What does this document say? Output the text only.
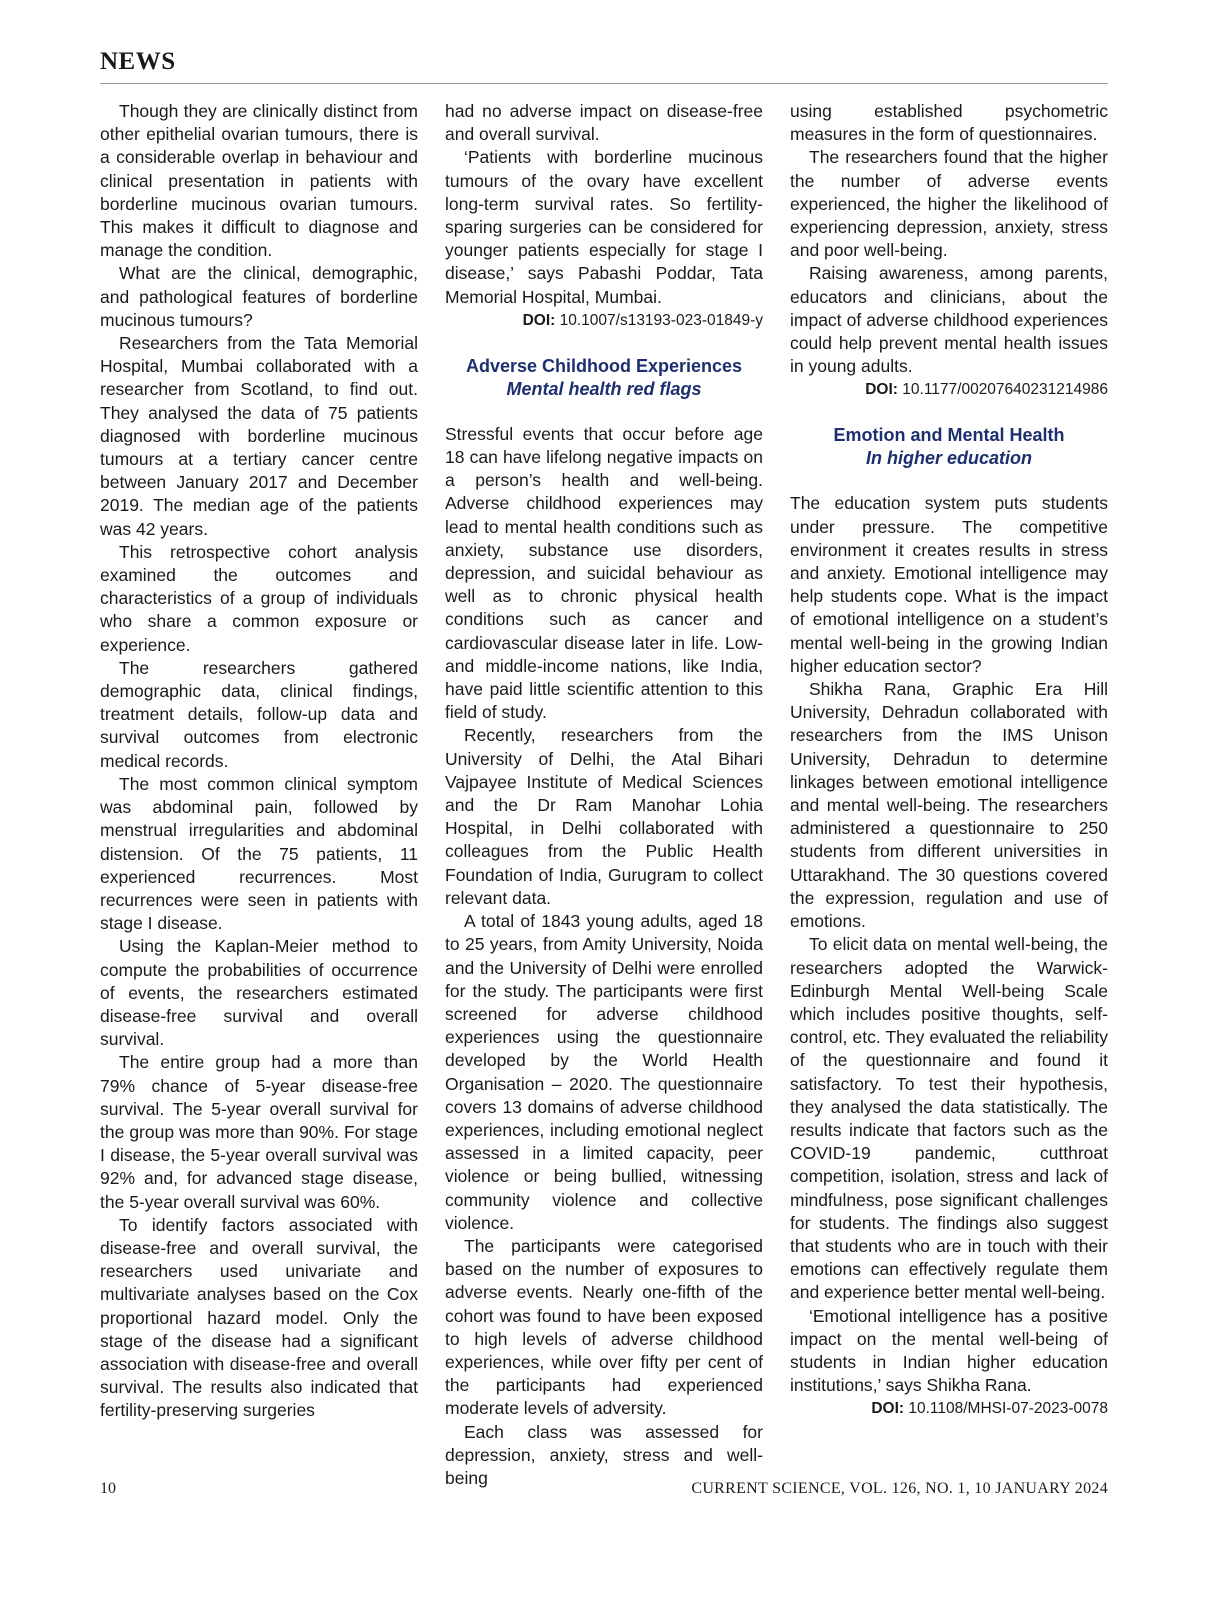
NEWS

Though they are clinically distinct from other epithelial ovarian tumours, there is a considerable overlap in behaviour and clinical presentation in patients with borderline mucinous ovarian tumours. This makes it difficult to diagnose and manage the condition.

What are the clinical, demographic, and pathological features of borderline mucinous tumours?

Researchers from the Tata Memorial Hospital, Mumbai collaborated with a researcher from Scotland, to find out. They analysed the data of 75 patients diagnosed with borderline mucinous tumours at a tertiary cancer centre between January 2017 and December 2019. The median age of the patients was 42 years.

This retrospective cohort analysis examined the outcomes and characteristics of a group of individuals who share a common exposure or experience.

The researchers gathered demographic data, clinical findings, treatment details, follow-up data and survival outcomes from electronic medical records.

The most common clinical symptom was abdominal pain, followed by menstrual irregularities and abdominal distension. Of the 75 patients, 11 experienced recurrences. Most recurrences were seen in patients with stage I disease.

Using the Kaplan-Meier method to compute the probabilities of occurrence of events, the researchers estimated disease-free survival and overall survival.

The entire group had a more than 79% chance of 5-year disease-free survival. The 5-year overall survival for the group was more than 90%. For stage I disease, the 5-year overall survival was 92% and, for advanced stage disease, the 5-year overall survival was 60%.

To identify factors associated with disease-free and overall survival, the researchers used univariate and multivariate analyses based on the Cox proportional hazard model. Only the stage of the disease had a significant association with disease-free and overall survival. The results also indicated that fertility-preserving surgeries

had no adverse impact on disease-free and overall survival.

‘Patients with borderline mucinous tumours of the ovary have excellent long-term survival rates. So fertility-sparing surgeries can be considered for younger patients especially for stage I disease,’ says Pabashi Poddar, Tata Memorial Hospital, Mumbai.

DOI: 10.1007/s13193-023-01849-y

Adverse Childhood Experiences
Mental health red flags

Stressful events that occur before age 18 can have lifelong negative impacts on a person’s health and well-being. Adverse childhood experiences may lead to mental health conditions such as anxiety, substance use disorders, depression, and suicidal behaviour as well as to chronic physical health conditions such as cancer and cardiovascular disease later in life. Low- and middle-income nations, like India, have paid little scientific attention to this field of study.

Recently, researchers from the University of Delhi, the Atal Bihari Vajpayee Institute of Medical Sciences and the Dr Ram Manohar Lohia Hospital, in Delhi collaborated with colleagues from the Public Health Foundation of India, Gurugram to collect relevant data.

A total of 1843 young adults, aged 18 to 25 years, from Amity University, Noida and the University of Delhi were enrolled for the study. The participants were first screened for adverse childhood experiences using the questionnaire developed by the World Health Organisation – 2020. The questionnaire covers 13 domains of adverse childhood experiences, including emotional neglect assessed in a limited capacity, peer violence or being bullied, witnessing community violence and collective violence.

The participants were categorised based on the number of exposures to adverse events. Nearly one-fifth of the cohort was found to have been exposed to high levels of adverse childhood experiences, while over fifty per cent of the participants had experienced moderate levels of adversity.

Each class was assessed for depression, anxiety, stress and well-being

using established psychometric measures in the form of questionnaires.

The researchers found that the higher the number of adverse events experienced, the higher the likelihood of experiencing depression, anxiety, stress and poor well-being.

Raising awareness, among parents, educators and clinicians, about the impact of adverse childhood experiences could help prevent mental health issues in young adults.

DOI: 10.1177/00207640231214986

Emotion and Mental Health
In higher education

The education system puts students under pressure. The competitive environment it creates results in stress and anxiety. Emotional intelligence may help students cope. What is the impact of emotional intelligence on a student’s mental well-being in the growing Indian higher education sector?

Shikha Rana, Graphic Era Hill University, Dehradun collaborated with researchers from the IMS Unison University, Dehradun to determine linkages between emotional intelligence and mental well-being. The researchers administered a questionnaire to 250 students from different universities in Uttarakhand. The 30 questions covered the expression, regulation and use of emotions.

To elicit data on mental well-being, the researchers adopted the Warwick-Edinburgh Mental Well-being Scale which includes positive thoughts, self-control, etc. They evaluated the reliability of the questionnaire and found it satisfactory. To test their hypothesis, they analysed the data statistically. The results indicate that factors such as the COVID-19 pandemic, cutthroat competition, isolation, stress and lack of mindfulness, pose significant challenges for students. The findings also suggest that students who are in touch with their emotions can effectively regulate them and experience better mental well-being.

‘Emotional intelligence has a positive impact on the mental well-being of students in Indian higher education institutions,’ says Shikha Rana.

DOI: 10.1108/MHSI-07-2023-0078

10	CURRENT SCIENCE, VOL. 126, NO. 1, 10 JANUARY 2024
